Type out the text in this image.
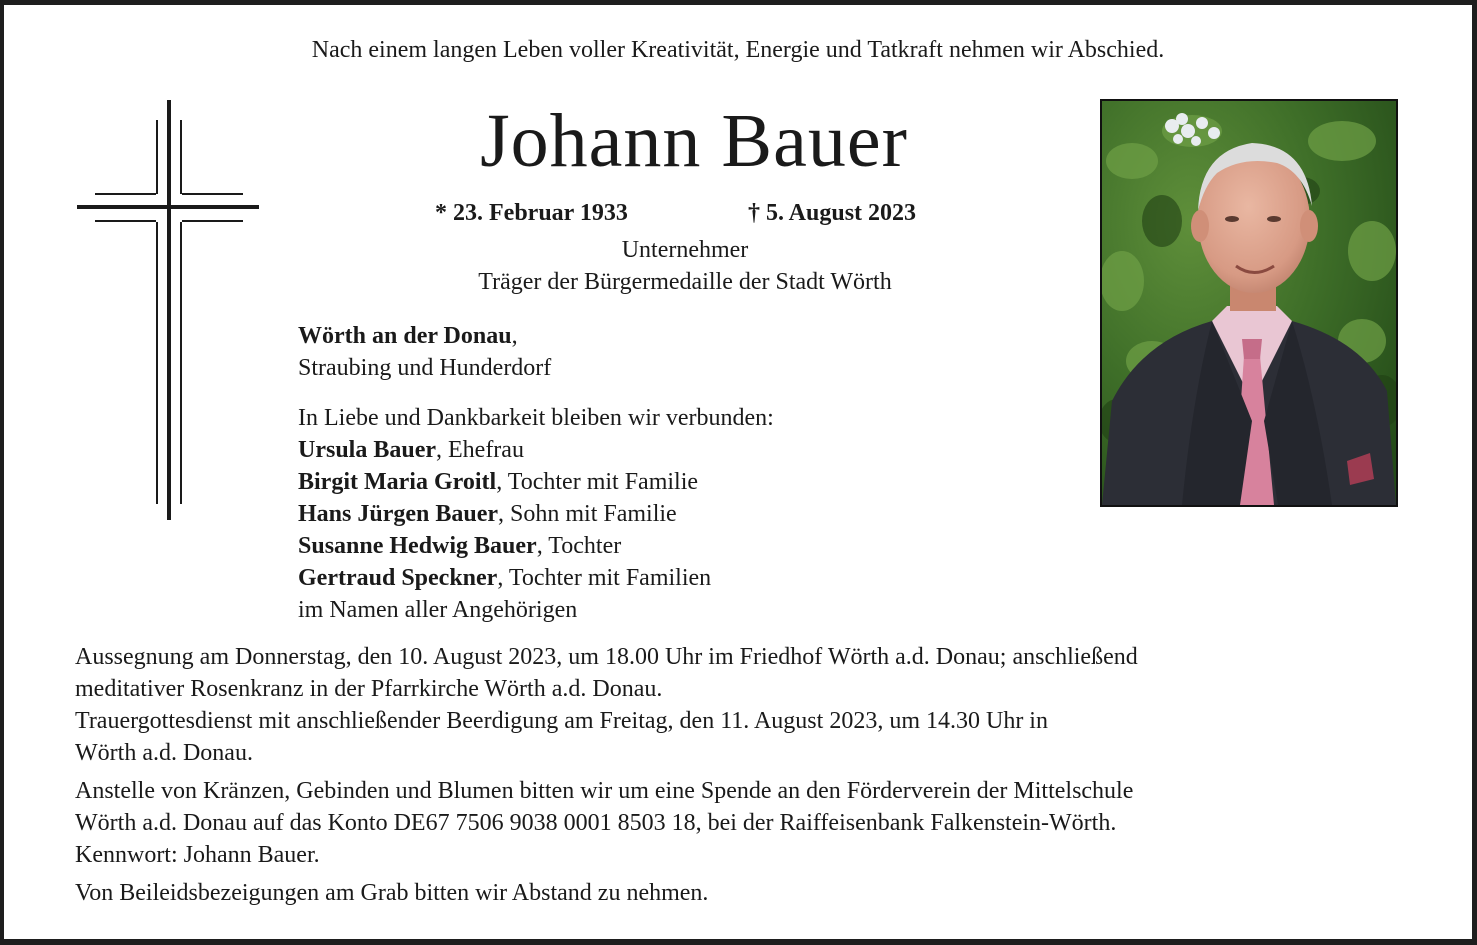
Nach einem langen Leben voller Kreativität, Energie und Tatkraft nehmen wir Abschied.
Johann Bauer
* 23. Februar 1933	† 5. August 2023
Unternehmer
Träger der Bürgermedaille der Stadt Wörth
Wörth an der Donau,
Straubing und Hunderdorf
In Liebe und Dankbarkeit bleiben wir verbunden:
Ursula Bauer, Ehefrau
Birgit Maria Groitl, Tochter mit Familie
Hans Jürgen Bauer, Sohn mit Familie
Susanne Hedwig Bauer, Tochter
Gertraud Speckner, Tochter mit Familien
im Namen aller Angehörigen
Aussegnung am Donnerstag, den 10. August 2023, um 18.00 Uhr im Friedhof Wörth a.d. Donau; anschließend
meditativer Rosenkranz in der Pfarrkirche Wörth a.d. Donau.
Trauergottesdienst mit anschließender Beerdigung am Freitag, den 11. August 2023, um 14.30 Uhr in
Wörth a.d. Donau.
Anstelle von Kränzen, Gebinden und Blumen bitten wir um eine Spende an den Förderverein der Mittelschule
Wörth a.d. Donau auf das Konto DE67 7506 9038 0001 8503 18, bei der Raiffeisenbank Falkenstein-Wörth.
Kennwort: Johann Bauer.
Von Beileidsbezeigungen am Grab bitten wir Abstand zu nehmen.
